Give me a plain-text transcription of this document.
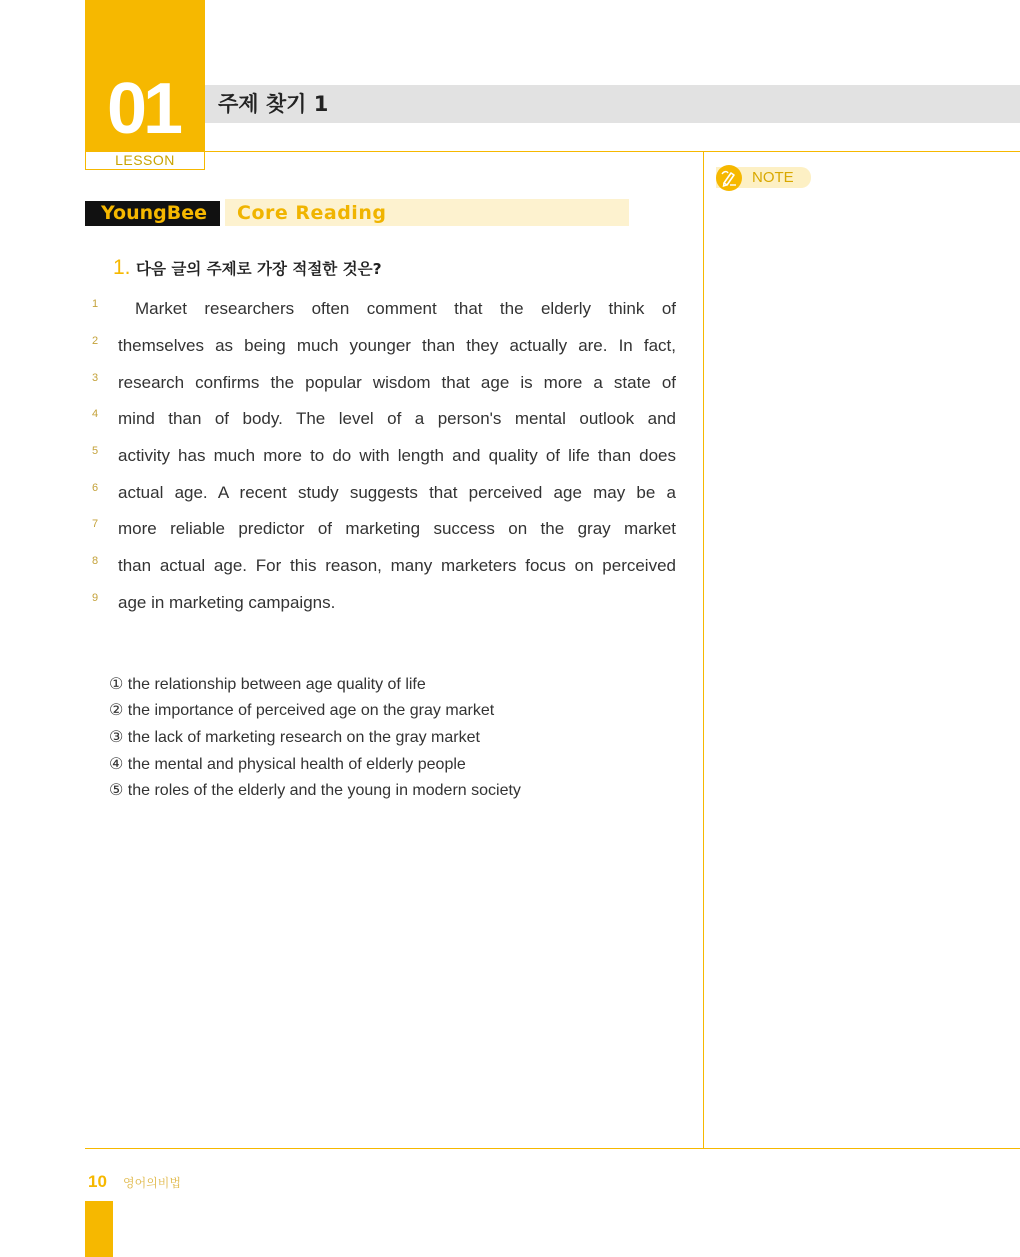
01
LESSON
주제 찾기 1
NOTE
YoungBee	Core Reading
1. 다음 글의 주제로 가장 적절한 것은?
1	Market researchers often comment that the elderly think of
2	themselves as being much younger than they actually are. In fact,
3	research confirms the popular wisdom that age is more a state of
4	mind than of body. The level of a person's mental outlook and
5	activity has much more to do with length and quality of life than does
6	actual age. A recent study suggests that perceived age may be a
7	more reliable predictor of marketing success on the gray market
8	than actual age. For this reason, many marketers focus on perceived
9	age in marketing campaigns.
① the relationship between age quality of life
② the importance of perceived age on the gray market
③ the lack of marketing research on the gray market
④ the mental and physical health of elderly people
⑤ the roles of the elderly and the young in modern society
10 영어의비법
